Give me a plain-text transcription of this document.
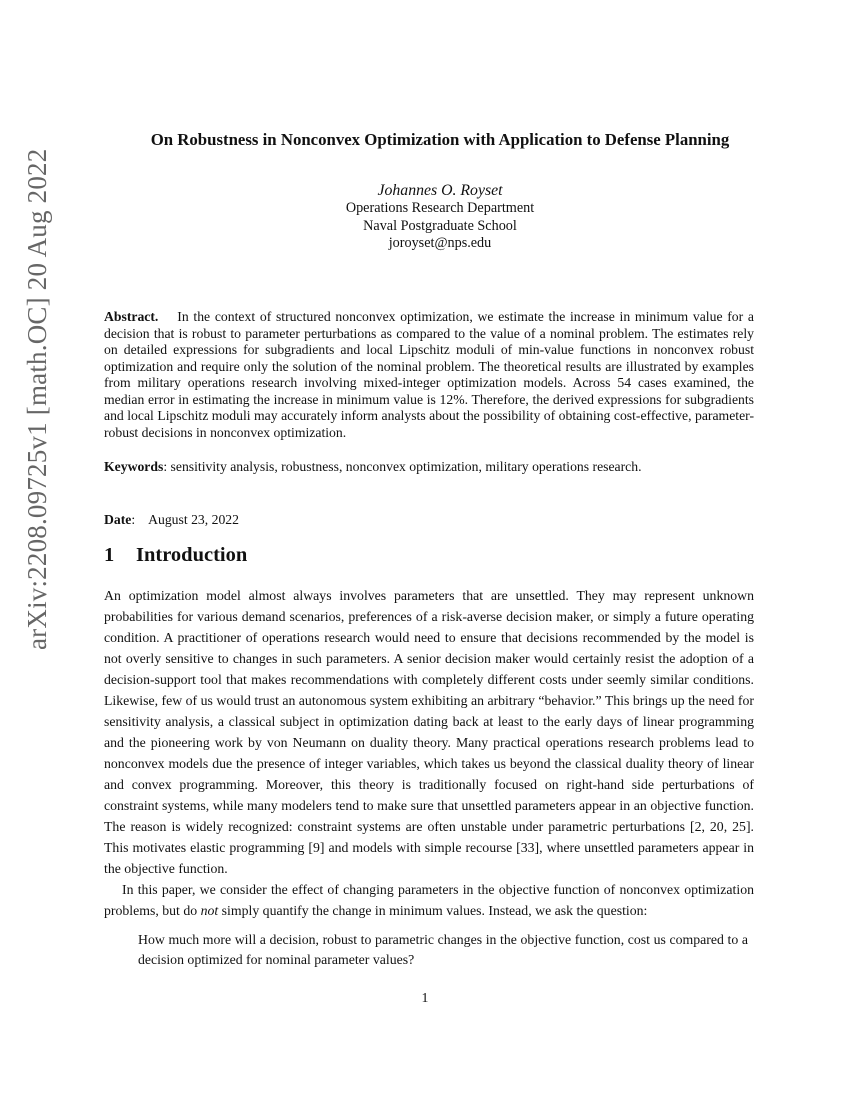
arXiv:2208.09725v1 [math.OC] 20 Aug 2022
On Robustness in Nonconvex Optimization with Application to Defense Planning
Johannes O. Royset
Operations Research Department
Naval Postgraduate School
joroyset@nps.edu
Abstract. In the context of structured nonconvex optimization, we estimate the increase in minimum value for a decision that is robust to parameter perturbations as compared to the value of a nominal problem. The estimates rely on detailed expressions for subgradients and local Lipschitz moduli of min-value functions in nonconvex robust optimization and require only the solution of the nominal problem. The theoretical results are illustrated by examples from military operations research involving mixed-integer optimization models. Across 54 cases examined, the median error in estimating the increase in minimum value is 12%. Therefore, the derived expressions for subgradients and local Lipschitz moduli may accurately inform analysts about the possibility of obtaining cost-effective, parameter-robust decisions in nonconvex optimization.
Keywords: sensitivity analysis, robustness, nonconvex optimization, military operations research.
Date:    August 23, 2022
1 Introduction

An optimization model almost always involves parameters that are unsettled. They may represent unknown probabilities for various demand scenarios, preferences of a risk-averse decision maker, or simply a future operating condition. A practitioner of operations research would need to ensure that decisions recommended by the model is not overly sensitive to changes in such parameters. A senior decision maker would certainly resist the adoption of a decision-support tool that makes recommendations with completely different costs under seemly similar conditions. Likewise, few of us would trust an autonomous system exhibiting an arbitrary “behavior.” This brings up the need for sensitivity analysis, a classical subject in optimization dating back at least to the early days of linear programming and the pioneering work by von Neumann on duality theory. Many practical operations research problems lead to nonconvex models due the presence of integer variables, which takes us beyond the classical duality theory of linear and convex programming. Moreover, this theory is traditionally focused on right-hand side perturbations of constraint systems, while many modelers tend to make sure that unsettled parameters appear in an objective function. The reason is widely recognized: constraint systems are often unstable under parametric perturbations [2, 20, 25]. This motivates elastic programming [9] and models with simple recourse [33], where unsettled parameters appear in the objective function.

In this paper, we consider the effect of changing parameters in the objective function of nonconvex optimization problems, but do not simply quantify the change in minimum values. Instead, we ask the question:

How much more will a decision, robust to parametric changes in the objective function, cost us compared to a decision optimized for nominal parameter values?
1
